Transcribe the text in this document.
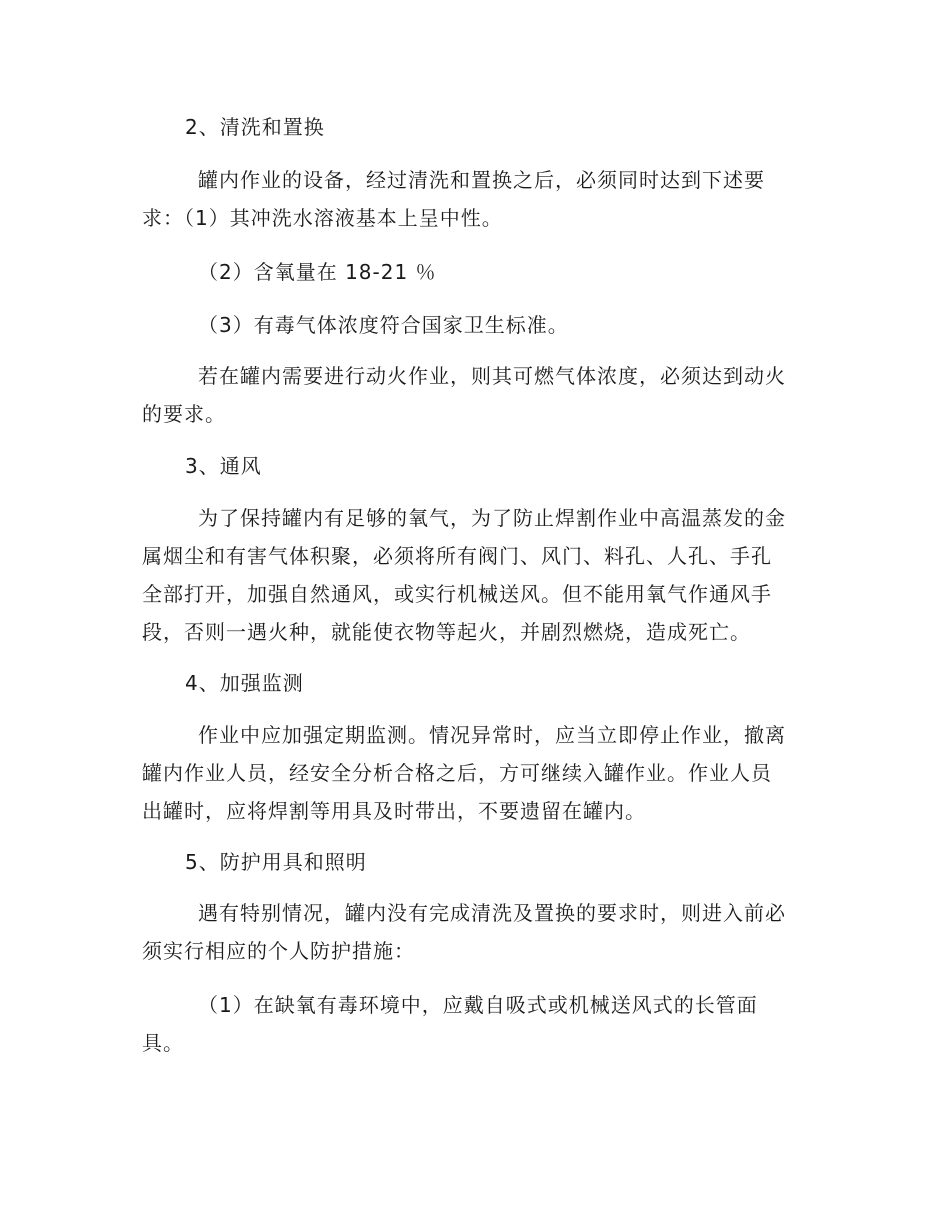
2、清洗和置换
罐内作业的设备，经过清洗和置换之后，必须同时达到下述要
求：（1）其冲洗水溶液基本上呈中性。
（2）含氧量在 18-21 ％
（3）有毒气体浓度符合国家卫生标准。
若在罐内需要进行动火作业，则其可燃气体浓度，必须达到动火
的要求。
3、通风
为了保持罐内有足够的氧气，为了防止焊割作业中高温蒸发的金
属烟尘和有害气体积聚，必须将所有阀门、风门、料孔、人孔、手孔
全部打开，加强自然通风，或实行机械送风。但不能用氧气作通风手
段，否则一遇火种，就能使衣物等起火，并剧烈燃烧，造成死亡。
4、加强监测
作业中应加强定期监测。情况异常时，应当立即停止作业，撤离
罐内作业人员，经安全分析合格之后，方可继续入罐作业。作业人员
出罐时，应将焊割等用具及时带出，不要遗留在罐内。
5、防护用具和照明
遇有特别情况，罐内没有完成清洗及置换的要求时，则进入前必
须实行相应的个人防护措施：
（1）在缺氧有毒环境中，应戴自吸式或机械送风式的长管面
具。
